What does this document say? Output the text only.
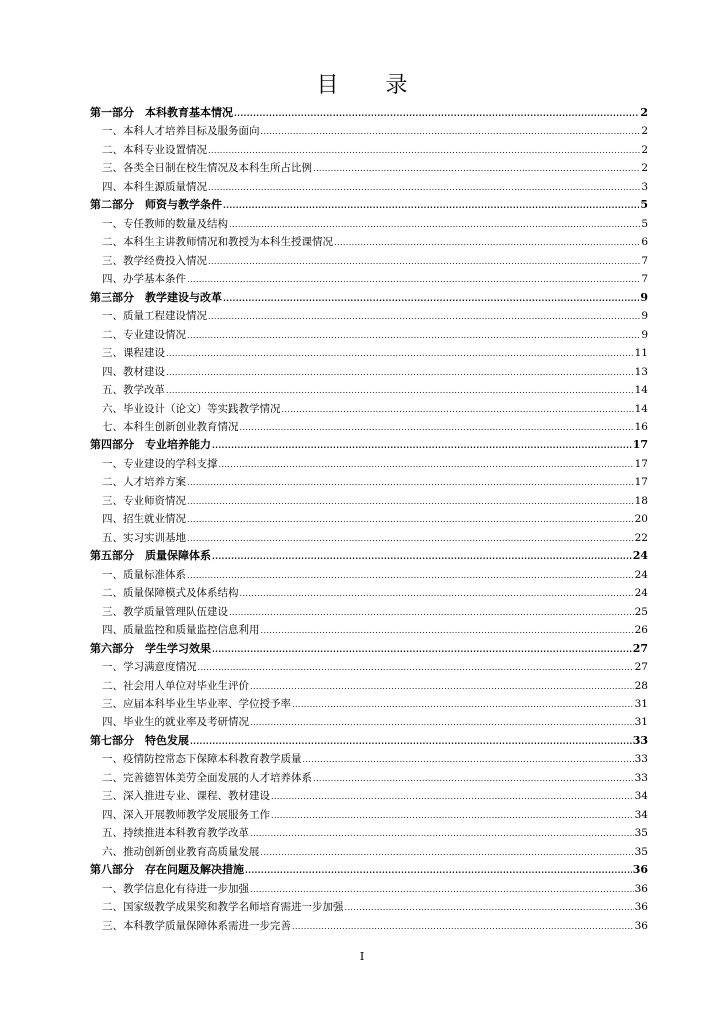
目 录
第一部分　本科教育基本情况 .....	2
一、本科人才培养目标及服务面向 .....	2
二、本科专业设置情况 .....	2
三、各类全日制在校生情况及本科生所占比例 .....	2
四、本科生源质量情况 .....	3
第二部分　师资与教学条件 .....	5
一、专任教师的数量及结构 .....	5
二、本科生主讲教师情况和教授为本科生授课情况 .....	6
三、教学经费投入情况 .....	7
四、办学基本条件 .....	7
第三部分　教学建设与改革 .....	9
一、质量工程建设情况 .....	9
二、专业建设情况 .....	9
三、课程建设 .....	11
四、教材建设 .....	13
五、教学改革 .....	14
六、毕业设计（论文）等实践教学情况 .....	14
七、本科生创新创业教育情况 .....	16
第四部分　专业培养能力 .....	17
一、专业建设的学科支撑 .....	17
二、人才培养方案 .....	17
三、专业师资情况 .....	18
四、招生就业情况 .....	20
五、实习实训基地 .....	22
第五部分　质量保障体系 .....	24
一、质量标准体系 .....	24
二、质量保障模式及体系结构 .....	24
三、教学质量管理队伍建设 .....	25
四、质量监控和质量监控信息利用 .....	26
第六部分　学生学习效果 .....	27
一、学习满意度情况 .....	27
二、社会用人单位对毕业生评价 .....	28
三、应届本科毕业生毕业率、学位授予率 .....	31
四、毕业生的就业率及考研情况 .....	31
第七部分　特色发展 .....	33
一、疫情防控常态下保障本科教育教学质量 .....	33
二、完善德智体美劳全面发展的人才培养体系 .....	33
三、深入推进专业、课程、教材建设 .....	34
四、深入开展教师教学发展服务工作 .....	34
五、持续推进本科教育教学改革 .....	35
六、推动创新创业教育高质量发展 .....	35
第八部分　存在问题及解决措施 .....	36
一、教学信息化有待进一步加强 .....	36
二、国家级教学成果奖和教学名师培育需进一步加强 .....	36
三、本科教学质量保障体系需进一步完善 .....	36
I
